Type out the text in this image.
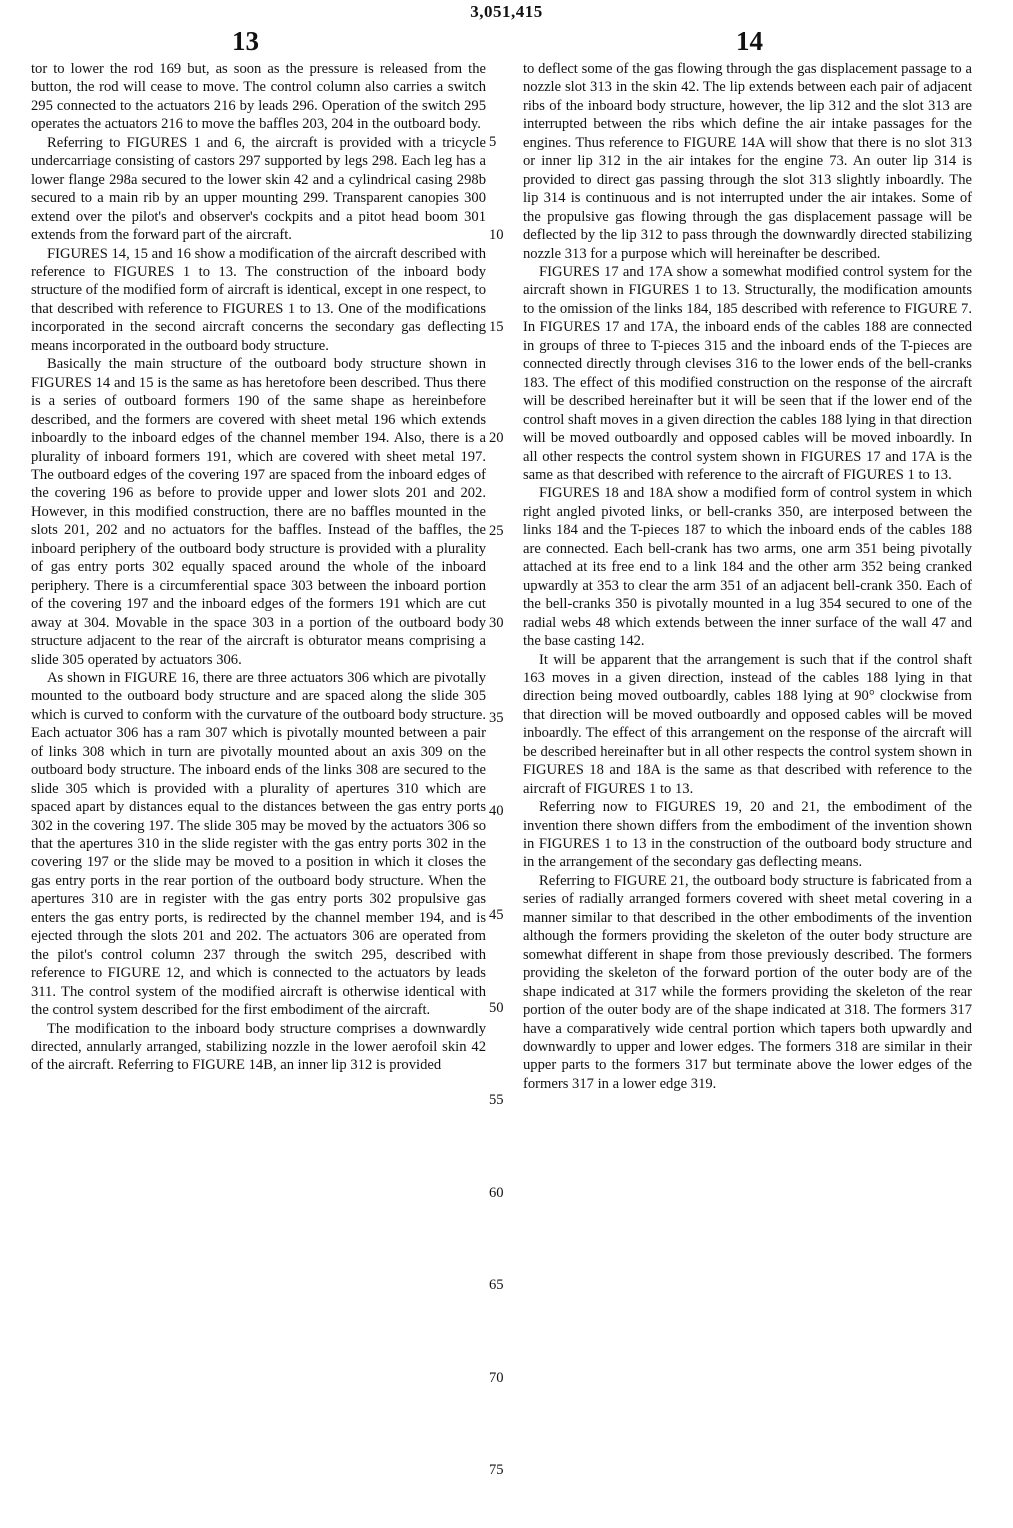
3,051,415
13	14

tor to lower the rod 169 but, as soon as the pressure is released from the button, the rod will cease to move. The control column also carries a switch 295 connected to the actuators 216 by leads 296. Operation of the switch 295 operates the actuators 216 to move the baffles 203, 204 in the outboard body.

Referring to FIGURES 1 and 6, the aircraft is provided with a tricycle undercarriage consisting of castors 297 supported by legs 298. Each leg has a lower flange 298a secured to the lower skin 42 and a cylindrical casing 298b secured to a main rib by an upper mounting 299. Transparent canopies 300 extend over the pilot's and observer's cockpits and a pitot head boom 301 extends from the forward part of the aircraft.

FIGURES 14, 15 and 16 show a modification of the aircraft described with reference to FIGURES 1 to 13. The construction of the inboard body structure of the modified form of aircraft is identical, except in one respect, to that described with reference to FIGURES 1 to 13. One of the modifications incorporated in the second aircraft concerns the secondary gas deflecting means incorporated in the outboard body structure.

Basically the main structure of the outboard body structure shown in FIGURES 14 and 15 is the same as has heretofore been described. Thus there is a series of outboard formers 190 of the same shape as hereinbefore described, and the formers are covered with sheet metal 196 which extends inboardly to the inboard edges of the channel member 194. Also, there is a plurality of inboard formers 191, which are covered with sheet metal 197. The outboard edges of the covering 197 are spaced from the inboard edges of the covering 196 as before to provide upper and lower slots 201 and 202. However, in this modified construction, there are no baffles mounted in the slots 201, 202 and no actuators for the baffles. Instead of the baffles, the inboard periphery of the outboard body structure is provided with a plurality of gas entry ports 302 equally spaced around the whole of the inboard periphery. There is a circumferential space 303 between the inboard portion of the covering 197 and the inboard edges of the formers 191 which are cut away at 304. Movable in the space 303 in a portion of the outboard body structure adjacent to the rear of the aircraft is obturator means comprising a slide 305 operated by actuators 306.

As shown in FIGURE 16, there are three actuators 306 which are pivotally mounted to the outboard body structure and are spaced along the slide 305 which is curved to conform with the curvature of the outboard body structure. Each actuator 306 has a ram 307 which is pivotally mounted between a pair of links 308 which in turn are pivotally mounted about an axis 309 on the outboard body structure. The inboard ends of the links 308 are secured to the slide 305 which is provided with a plurality of apertures 310 which are spaced apart by distances equal to the distances between the gas entry ports 302 in the covering 197. The slide 305 may be moved by the actuators 306 so that the apertures 310 in the slide register with the gas entry ports 302 in the covering 197 or the slide may be moved to a position in which it closes the gas entry ports in the rear portion of the outboard body structure. When the apertures 310 are in register with the gas entry ports 302 propulsive gas enters the gas entry ports, is redirected by the channel member 194, and is ejected through the slots 201 and 202. The actuators 306 are operated from the pilot's control column 237 through the switch 295, described with reference to FIGURE 12, and which is connected to the actuators by leads 311. The control system of the modified aircraft is otherwise identical with the control system described for the first embodiment of the aircraft.

The modification to the inboard body structure comprises a downwardly directed, annularly arranged, stabilizing nozzle in the lower aerofoil skin 42 of the aircraft. Referring to FIGURE 14B, an inner lip 312 is provided

5
10
15
20
25
30
35
40
45
50
55
60
65
70
75

to deflect some of the gas flowing through the gas displacement passage to a nozzle slot 313 in the skin 42. The lip extends between each pair of adjacent ribs of the inboard body structure, however, the lip 312 and the slot 313 are interrupted between the ribs which define the air intake passages for the engines. Thus reference to FIGURE 14A will show that there is no slot 313 or inner lip 312 in the air intakes for the engine 73. An outer lip 314 is provided to direct gas passing through the slot 313 slightly inboardly. The lip 314 is continuous and is not interrupted under the air intakes. Some of the propulsive gas flowing through the gas displacement passage will be deflected by the lip 312 to pass through the downwardly directed stabilizing nozzle 313 for a purpose which will hereinafter be described.

FIGURES 17 and 17A show a somewhat modified control system for the aircraft shown in FIGURES 1 to 13. Structurally, the modification amounts to the omission of the links 184, 185 described with reference to FIGURE 7. In FIGURES 17 and 17A, the inboard ends of the cables 188 are connected in groups of three to T-pieces 315 and the inboard ends of the T-pieces are connected directly through clevises 316 to the lower ends of the bell-cranks 183. The effect of this modified construction on the response of the aircraft will be described hereinafter but it will be seen that if the lower end of the control shaft moves in a given direction the cables 188 lying in that direction will be moved outboardly and opposed cables will be moved inboardly. In all other respects the control system shown in FIGURES 17 and 17A is the same as that described with reference to the aircraft of FIGURES 1 to 13.

FIGURES 18 and 18A show a modified form of control system in which right angled pivoted links, or bell-cranks 350, are interposed between the links 184 and the T-pieces 187 to which the inboard ends of the cables 188 are connected. Each bell-crank has two arms, one arm 351 being pivotally attached at its free end to a link 184 and the other arm 352 being cranked upwardly at 353 to clear the arm 351 of an adjacent bell-crank 350. Each of the bell-cranks 350 is pivotally mounted in a lug 354 secured to one of the radial webs 48 which extends between the inner surface of the wall 47 and the base casting 142.

It will be apparent that the arrangement is such that if the control shaft 163 moves in a given direction, instead of the cables 188 lying in that direction being moved outboardly, cables 188 lying at 90° clockwise from that direction will be moved outboardly and opposed cables will be moved inboardly. The effect of this arrangement on the response of the aircraft will be described hereinafter but in all other respects the control system shown in FIGURES 18 and 18A is the same as that described with reference to the aircraft of FIGURES 1 to 13.

Referring now to FIGURES 19, 20 and 21, the embodiment of the invention there shown differs from the embodiment of the invention shown in FIGURES 1 to 13 in the construction of the outboard body structure and in the arrangement of the secondary gas deflecting means.

Referring to FIGURE 21, the outboard body structure is fabricated from a series of radially arranged formers covered with sheet metal covering in a manner similar to that described in the other embodiments of the invention although the formers providing the skeleton of the outer body structure are somewhat different in shape from those previously described. The formers providing the skeleton of the forward portion of the outer body are of the shape indicated at 317 while the formers providing the skeleton of the rear portion of the outer body are of the shape indicated at 318. The formers 317 have a comparatively wide central portion which tapers both upwardly and downwardly to upper and lower edges. The formers 318 are similar in their upper parts to the formers 317 but terminate above the lower edges of the formers 317 in a lower edge 319.
